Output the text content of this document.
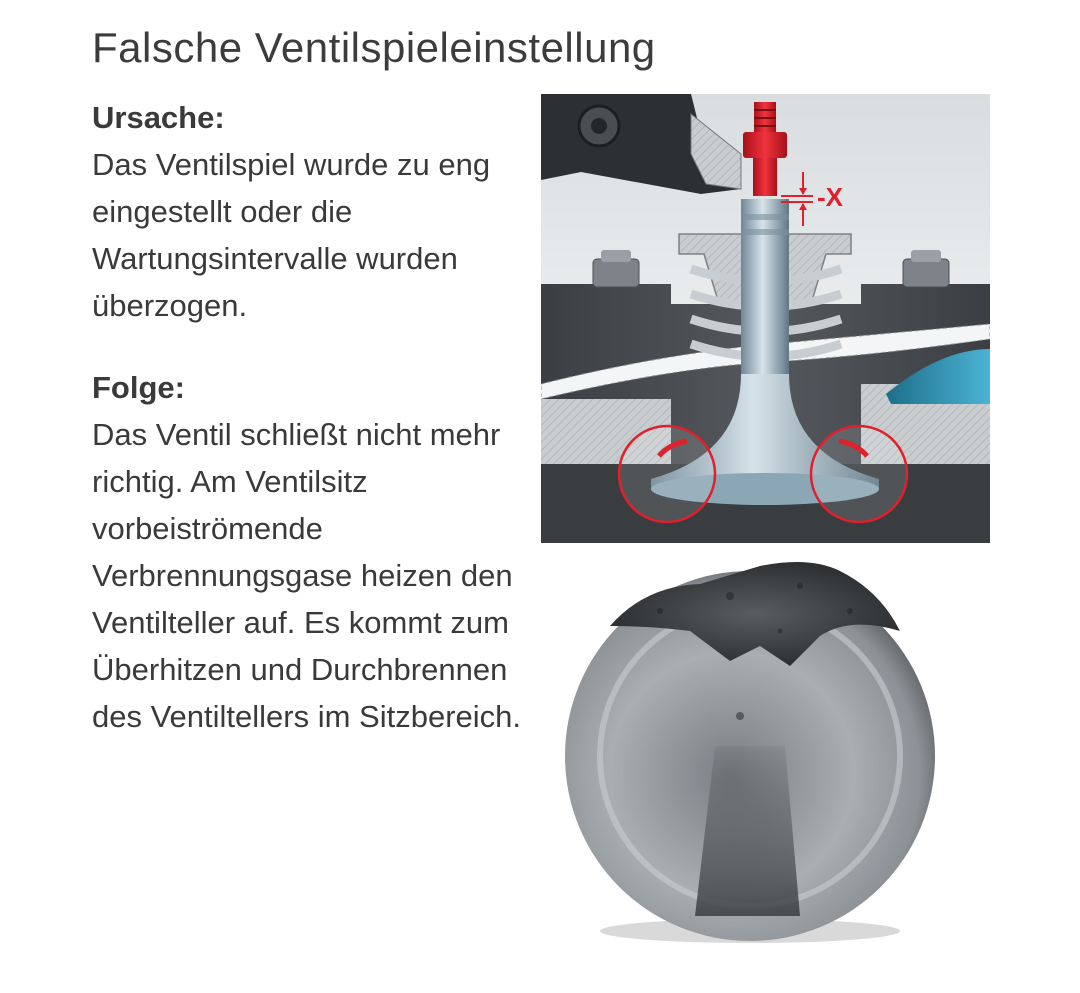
Falsche Ventilspieleinstellung

Ursache:

Das Ventilspiel wurde zu eng eingestellt oder die Wartungsintervalle wurden überzogen.

Folge:

Das Ventil schließt nicht mehr richtig. Am Ventilsitz vorbeiströmende Verbrennungsgase heizen den Ventilteller auf. Es kommt zum Überhitzen und Durchbrennen des Ventiltellers im Sitzbereich.

-X
